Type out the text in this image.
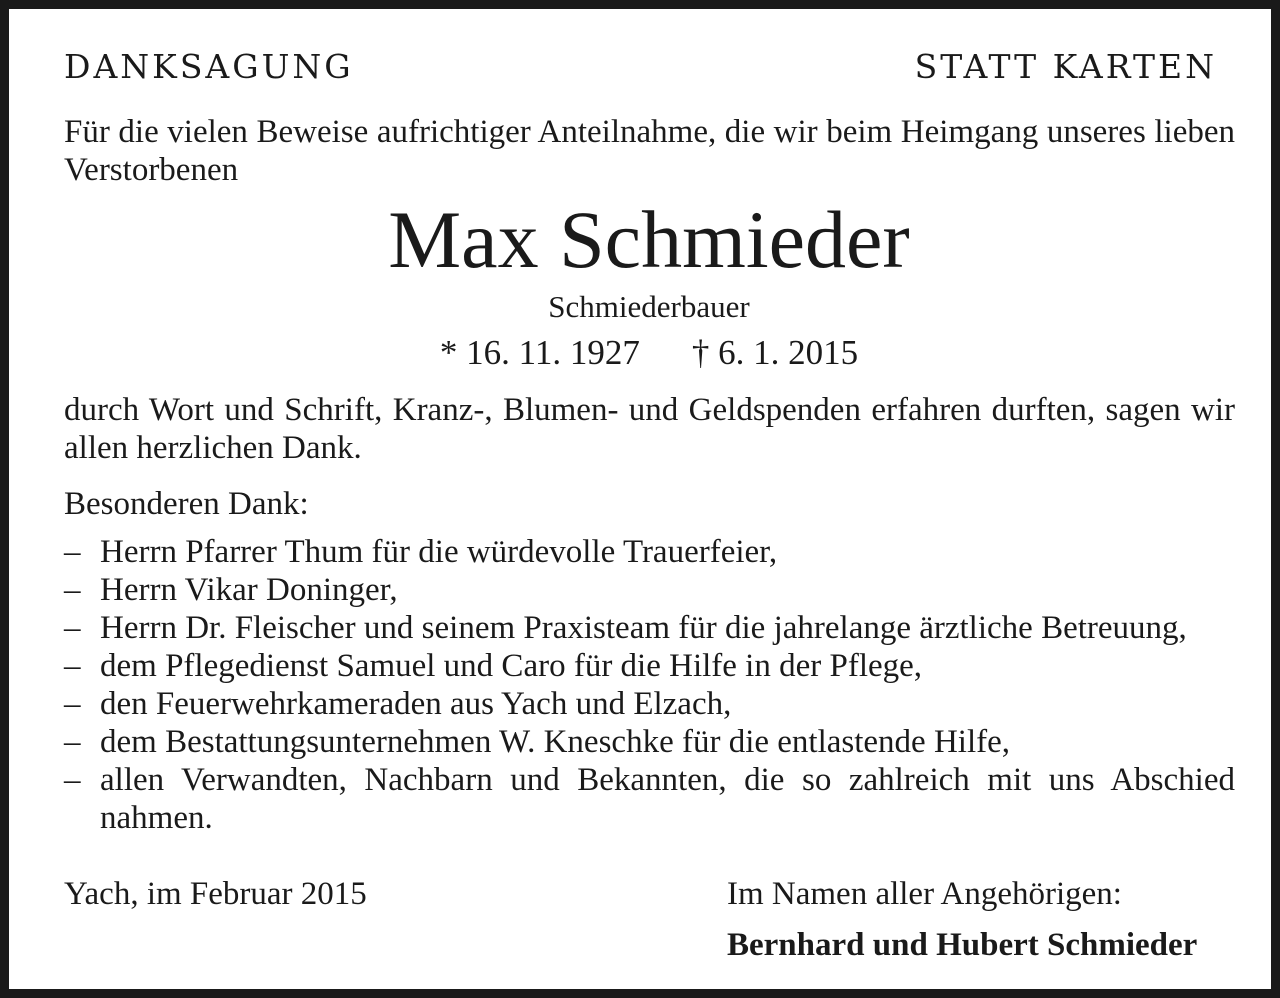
DANKSAGUNG	STATT KARTEN
Für die vielen Beweise aufrichtiger Anteilnahme, die wir beim Heimgang unseres lieben Verstorbenen
Max Schmieder
Schmiederbauer
* 16. 11. 1927 † 6. 1. 2015
durch Wort und Schrift, Kranz-, Blumen- und Geldspenden erfahren durften, sagen wir allen herzlichen Dank.
Besonderen Dank:
– Herrn Pfarrer Thum für die würdevolle Trauerfeier,
– Herrn Vikar Doninger,
– Herrn Dr. Fleischer und seinem Praxisteam für die jahrelange ärztliche Betreuung,
– dem Pflegedienst Samuel und Caro für die Hilfe in der Pflege,
– den Feuerwehrkameraden aus Yach und Elzach,
– dem Bestattungsunternehmen W. Kneschke für die entlastende Hilfe,
– allen Verwandten, Nachbarn und Bekannten, die so zahlreich mit uns Abschied nahmen.
Yach, im Februar 2015	Im Namen aller Angehörigen:
Bernhard und Hubert Schmieder
